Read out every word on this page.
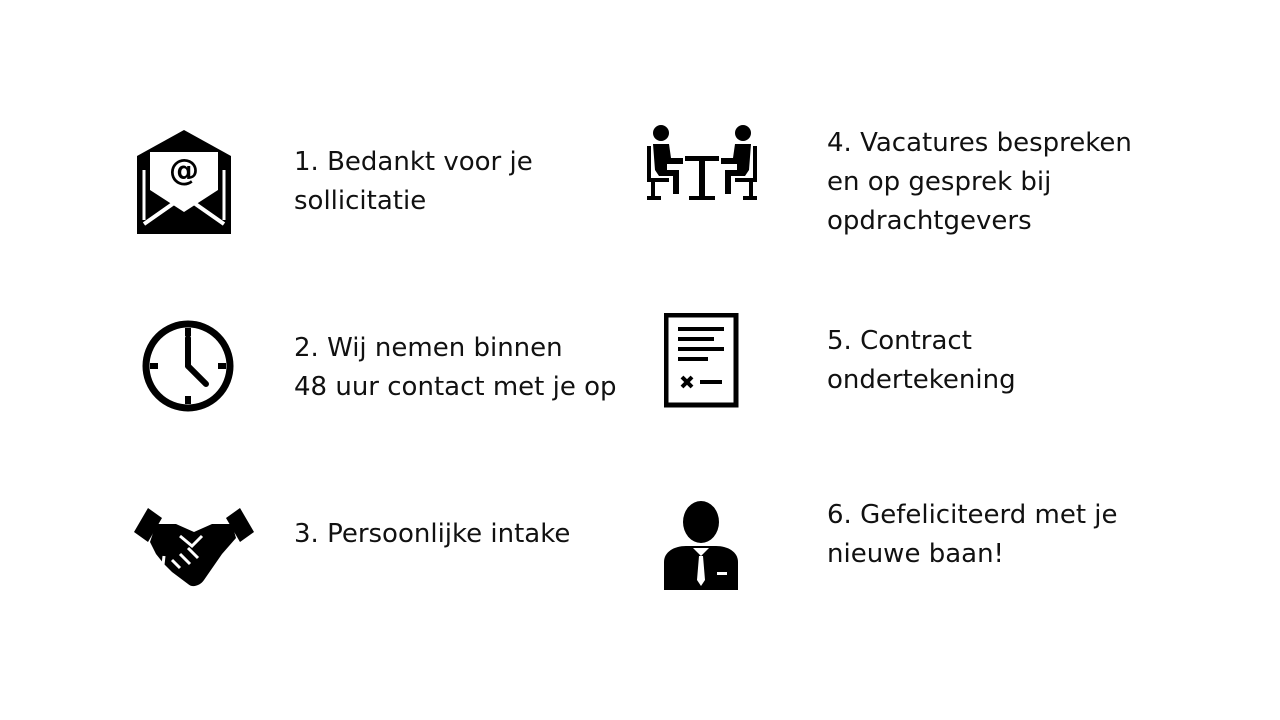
@	1. Bedankt voor je
sollicitatie
2. Wij nemen binnen
48 uur contact met je op
3. Persoonlijke intake
4. Vacatures bespreken
en op gesprek bij
opdrachtgevers
5. Contract
ondertekening
6. Gefeliciteerd met je
nieuwe baan!
